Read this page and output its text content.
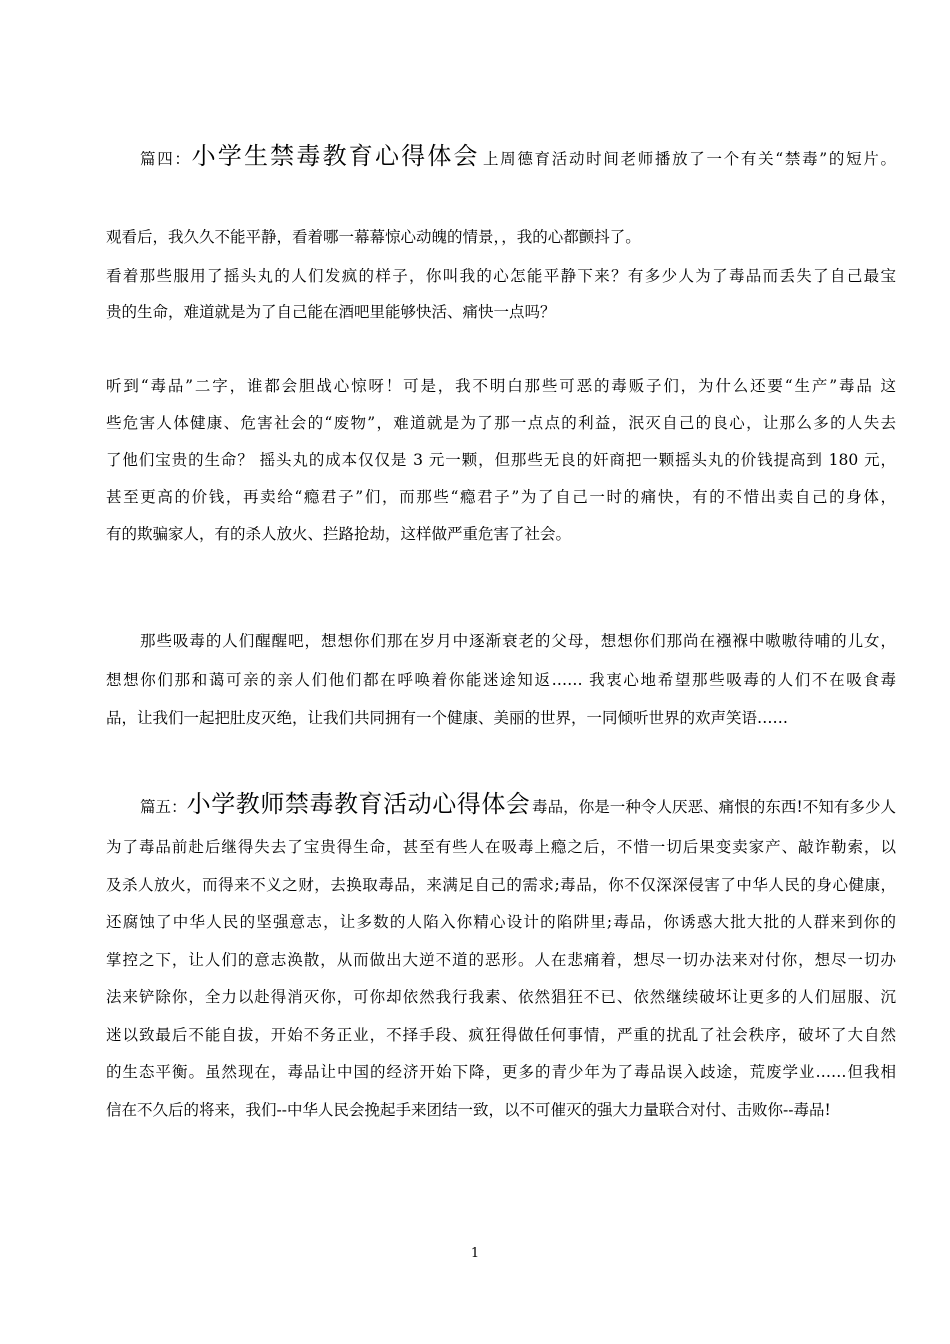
篇四：小学生禁毒教育心得体会 上周德育活动时间老师播放了一个有关“禁毒”的短片。
观看后，我久久不能平静，看着哪一幕幕惊心动魄的情景，，我的心都颤抖了。
看着那些服用了摇头丸的人们发疯的样子，你叫我的心怎能平静下来？有多少人为了毒品而丢失了自己最宝
贵的生命，难道就是为了自己能在酒吧里能够快活、痛快一点吗？
听到“毒品”二字，谁都会胆战心惊呀！可是，我不明白那些可恶的毒贩子们，为什么还要“生产”毒品 这
些危害人体健康、危害社会的“废物”，难道就是为了那一点点的利益，泯灭自己的良心，让那么多的人失去
了他们宝贵的生命？ 摇头丸的成本仅仅是 3 元一颗，但那些无良的奸商把一颗摇头丸的价钱提高到 180 元，
甚至更高的价钱，再卖给“瘾君子”们，而那些“瘾君子”为了自己一时的痛快，有的不惜出卖自己的身体，
有的欺骗家人，有的杀人放火、拦路抢劫，这样做严重危害了社会。
那些吸毒的人们醒醒吧，想想你们那在岁月中逐渐衰老的父母，想想你们那尚在襁褓中嗷嗷待哺的儿女，
想想你们那和蔼可亲的亲人们他们都在呼唤着你能迷途知返…… 我衷心地希望那些吸毒的人们不在吸食毒
品，让我们一起把肚皮灭绝，让我们共同拥有一个健康、美丽的世界，一同倾听世界的欢声笑语……
篇五：小学教师禁毒教育活动心得体会 毒品，你是一种令人厌恶、痛恨的东西!不知有多少人
为了毒品前赴后继得失去了宝贵得生命，甚至有些人在吸毒上瘾之后，不惜一切后果变卖家产、敲诈勒索，以
及杀人放火，而得来不义之财，去换取毒品，来满足自己的需求;毒品，你不仅深深侵害了中华人民的身心健康，
还腐蚀了中华人民的坚强意志，让多数的人陷入你精心设计的陷阱里;毒品，你诱惑大批大批的人群来到你的
掌控之下，让人们的意志涣散，从而做出大逆不道的恶形。人在悲痛着，想尽一切办法来对付你，想尽一切办
法来铲除你，全力以赴得消灭你，可你却依然我行我素、依然猖狂不已、依然继续破坏让更多的人们屈服、沉
迷以致最后不能自拔，开始不务正业，不择手段、疯狂得做任何事情，严重的扰乱了社会秩序，破坏了大自然
的生态平衡。虽然现在，毒品让中国的经济开始下降，更多的青少年为了毒品误入歧途，荒废学业……但我相
信在不久后的将来，我们--中华人民会挽起手来团结一致，以不可催灭的强大力量联合对付、击败你--毒品!
1
